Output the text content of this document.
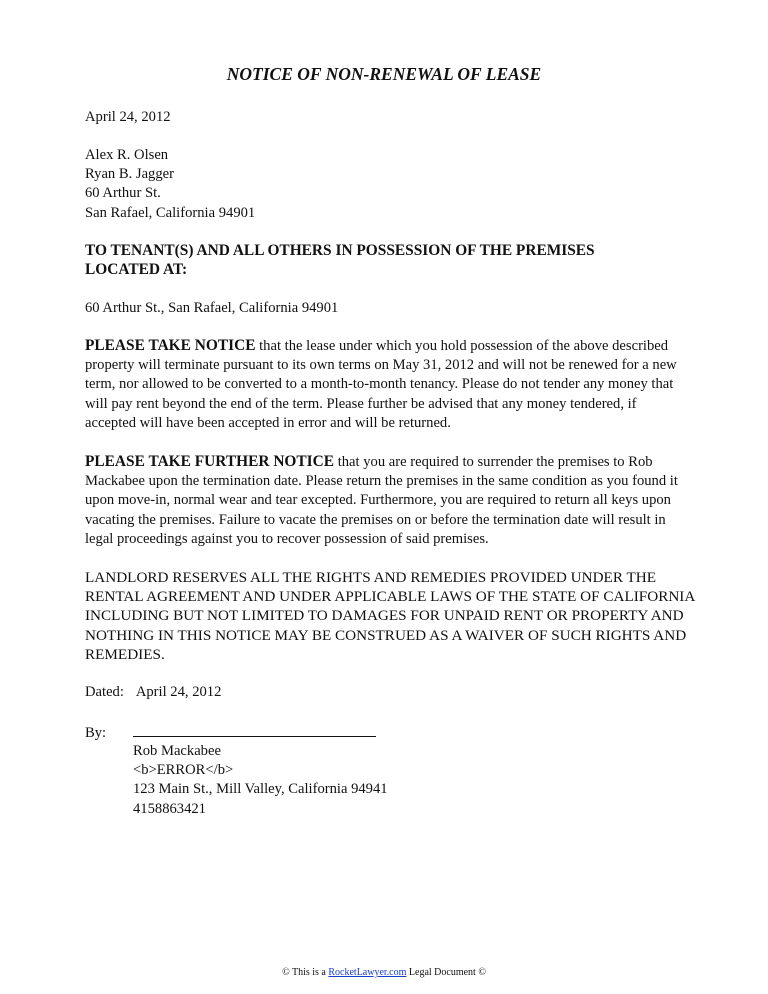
NOTICE OF NON-RENEWAL OF LEASE
April 24, 2012
Alex R. Olsen
Ryan B. Jagger
60 Arthur St.
San Rafael, California 94901
TO TENANT(S) AND ALL OTHERS IN POSSESSION OF THE PREMISES LOCATED AT:
60 Arthur St., San Rafael, California 94901
PLEASE TAKE NOTICE that the lease under which you hold possession of the above described property will terminate pursuant to its own terms on May 31, 2012 and will not be renewed for a new term, nor allowed to be converted to a month-to-month tenancy. Please do not tender any money that will pay rent beyond the end of the term. Please further be advised that any money tendered, if accepted will have been accepted in error and will be returned.
PLEASE TAKE FURTHER NOTICE that you are required to surrender the premises to Rob Mackabee upon the termination date. Please return the premises in the same condition as you found it upon move-in, normal wear and tear excepted. Furthermore, you are required to return all keys upon vacating the premises. Failure to vacate the premises on or before the termination date will result in legal proceedings against you to recover possession of said premises.
LANDLORD RESERVES ALL THE RIGHTS AND REMEDIES PROVIDED UNDER THE RENTAL AGREEMENT AND UNDER APPLICABLE LAWS OF THE STATE OF CALIFORNIA INCLUDING BUT NOT LIMITED TO DAMAGES FOR UNPAID RENT OR PROPERTY AND NOTHING IN THIS NOTICE MAY BE CONSTRUED AS A WAIVER OF SUCH RIGHTS AND REMEDIES.
Dated: April 24, 2012
By:
Rob Mackabee
<b>ERROR</b>
123 Main St., Mill Valley, California 94941
4158863421
© This is a RocketLawyer.com Legal Document ©
